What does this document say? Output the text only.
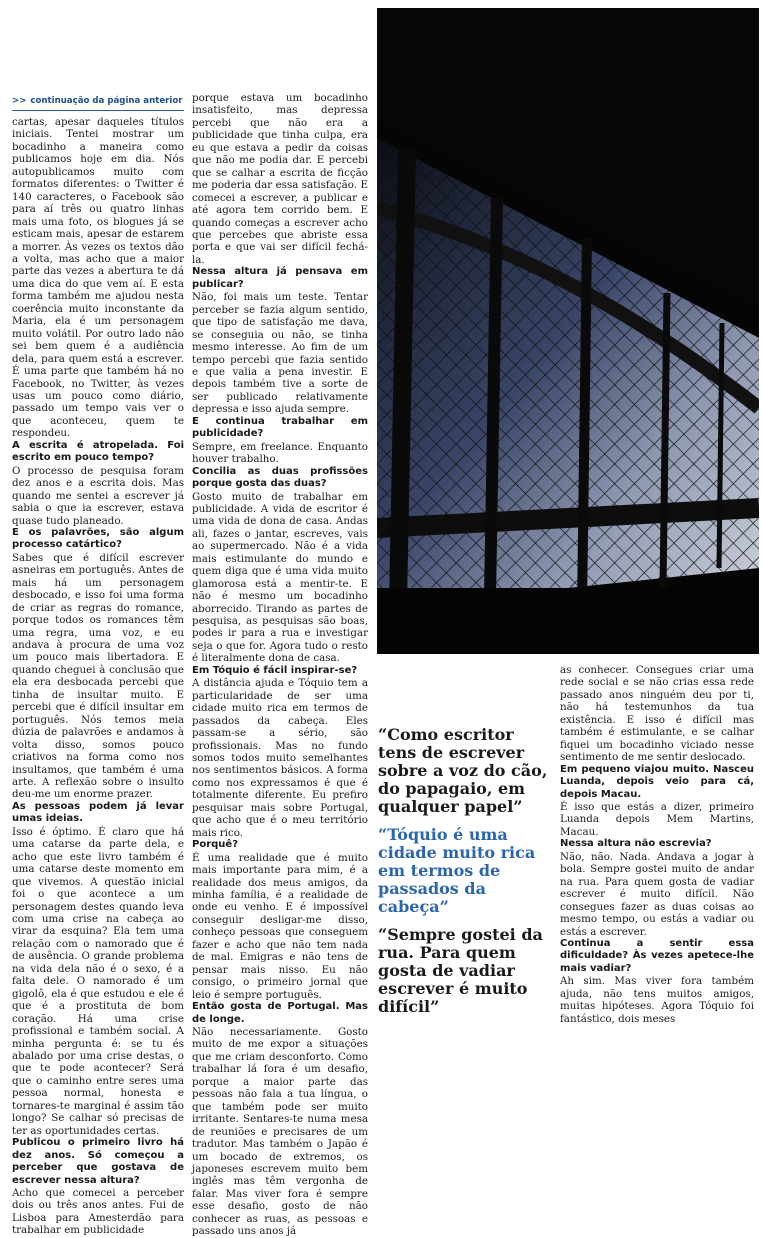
>> continuação da página anterior

cartas, apesar daqueles títulos iniciais. Tentei mostrar um bocadinho a maneira como publicamos hoje em dia. Nós autopublicamos muito com formatos diferentes: o Twitter é 140 caracteres, o Facebook são para aí três ou quatro linhas mais uma foto, os blogues já se esticam mais, apesar de estarem a morrer. Às vezes os textos dão a volta, mas acho que a maior parte das vezes a abertura te dá uma dica do que vem aí. E esta forma também me ajudou nesta coerência muito inconstante da Maria, ela é um personagem muito volátil. Por outro lado não sei bem quem é a audiência dela, para quem está a escrever. É uma parte que também há no Facebook, no Twitter, às vezes usas um pouco como diário, passado um tempo vais ver o que aconteceu, quem te respondeu.

A escrita é atropelada. Foi escrito em pouco tempo?

O processo de pesquisa foram dez anos e a escrita dois. Mas quando me sentei a escrever já sabia o que ia escrever, estava quase tudo planeado.

E os palavrões, são algum processo catártico?

Sabes que é difícil escrever asneiras em português. Antes de mais há um personagem desbocado, e isso foi uma forma de criar as regras do romance, porque todos os romances têm uma regra, uma voz, e eu andava à procura de uma voz um pouco mais libertadora. E quando cheguei à conclusão que ela era desbocada percebi que tinha de insultar muito. E percebi que é difícil insultar em português. Nós temos meia dúzia de palavrões e andamos à volta disso, somos pouco criativos na forma como nos insultamos, que também é uma arte. A reflexão sobre o insulto deu-me um enorme prazer.

As pessoas podem já levar umas ideias.

Isso é óptimo. É claro que há uma catarse da parte dela, e acho que este livro também é uma catarse deste momento em que vivemos. A questão inicial foi o que acontece a um personagem destes quando leva com uma crise na cabeça ao virar da esquina? Ela tem uma relação com o namorado que é de ausência. O grande problema na vida dela não é o sexo, é a falta dele. O namorado é um gigolô, ela é que estudou e ele é que é a prostituta de bom coração. Há uma crise profissional e também social. A minha pergunta é: se tu és abalado por uma crise destas, o que te pode acontecer? Será que o caminho entre seres uma pessoa normal, honesta e tornares-te marginal é assim tão longo? Se calhar só precisas de ter as oportunidades certas.

Publicou o primeiro livro há dez anos. Só começou a perceber que gostava de escrever nessa altura?

Acho que comecei a perceber dois ou três anos antes. Fui de Lisboa para Amesterdão para trabalhar em publicidade

porque estava um bocadinho insatisfeito, mas depressa percebi que não era a publicidade que tinha culpa, era eu que estava a pedir da coisas que não me podia dar. E percebi que se calhar a escrita de ficção me poderia dar essa satisfação. E comecei a escrever, a publicar e até agora tem corrido bem. E quando começas a escrever acho que percebes que abriste essa porta e que vai ser difícil fechá-la.

Nessa altura já pensava em publicar?

Não, foi mais um teste. Tentar perceber se fazia algum sentido, que tipo de satisfação me dava, se conseguia ou não, se tinha mesmo interesse. Ao fim de um tempo percebi que fazia sentido e que valia a pena investir. E depois também tive a sorte de ser publicado relativamente depressa e isso ajuda sempre.

E continua trabalhar em publicidade?

Sempre, em freelance. Enquanto houver trabalho.

Concilia as duas profissões porque gosta das duas?

Gosto muito de trabalhar em publicidade. A vida de escritor é uma vida de dona de casa. Andas ali, fazes o jantar, escreves, vais ao supermercado. Não é a vida mais estimulante do mundo e quem diga que é uma vida muito glamorosa está a mentir-te. E não é mesmo um bocadinho aborrecido. Tirando as partes de pesquisa, as pesquisas são boas, podes ir para a rua e investigar seja o que for. Agora tudo o resto é literalmente dona de casa.

Em Tóquio é fácil inspirar-se?

A distância ajuda e Tóquio tem a particularidade de ser uma cidade muito rica em termos de passados da cabeça. Eles passam-se a sério, são profissionais. Mas no fundo somos todos muito semelhantes nos sentimentos básicos. A forma como nos expressamos é que é totalmente diferente. Eu prefiro pesquisar mais sobre Portugal, que acho que é o meu território mais rico.

Porquê?

É uma realidade que é muito mais importante para mim, é a realidade dos meus amigos, da minha família, é a realidade de onde eu venho. E é impossível conseguir desligar-me disso, conheço pessoas que conseguem fazer e acho que não tem nada de mal. Emigras e não tens de pensar mais nisso. Eu não consigo, o primeiro jornal que leio é sempre português.

Então gosta de Portugal. Mas de longe.

Não necessariamente. Gosto muito de me expor a situações que me criam desconforto. Como trabalhar lá fora é um desafio, porque a maior parte das pessoas não fala a tua língua, o que também pode ser muito irritante. Sentares-te numa mesa de reuniões e precisares de um tradutor. Mas também o Japão é um bocado de extremos, os japoneses escrevem muito bem inglês mas têm vergonha de falar. Mas viver fora é sempre esse desafio, gosto de não conhecer as ruas, as pessoas e passado uns anos já

“Como escritor tens de escrever sobre a voz do cão, do papagaio, em qualquer papel”
“Tóquio é uma cidade muito rica em termos de passados da cabeça”
“Sempre gostei da rua. Para quem gosta de vadiar escrever é muito difícil”

as conhecer. Consegues criar uma rede social e se não crias essa rede passado anos ninguém deu por ti, não há testemunhos da tua existência. E isso é difícil mas também é estimulante, e se calhar fiquei um bocadinho viciado nesse sentimento de me sentir deslocado.

Em pequeno viajou muito. Nasceu Luanda, depois veio para cá, depois Macau.

É isso que estás a dizer, primeiro Luanda depois Mem Martins, Macau.

Nessa altura não escrevia?

Não, não. Nada. Andava a jogar à bola. Sempre gostei muito de andar na rua. Para quem gosta de vadiar escrever é muito difícil. Não consegues fazer as duas coisas ao mesmo tempo, ou estás a vadiar ou estás a escrever.

Continua a sentir essa dificuldade? Às vezes apetece-lhe mais vadiar?

Ah sim. Mas viver fora também ajuda, não tens muitos amigos, muitas hipóteses. Agora Tóquio foi fantástico, dois meses
